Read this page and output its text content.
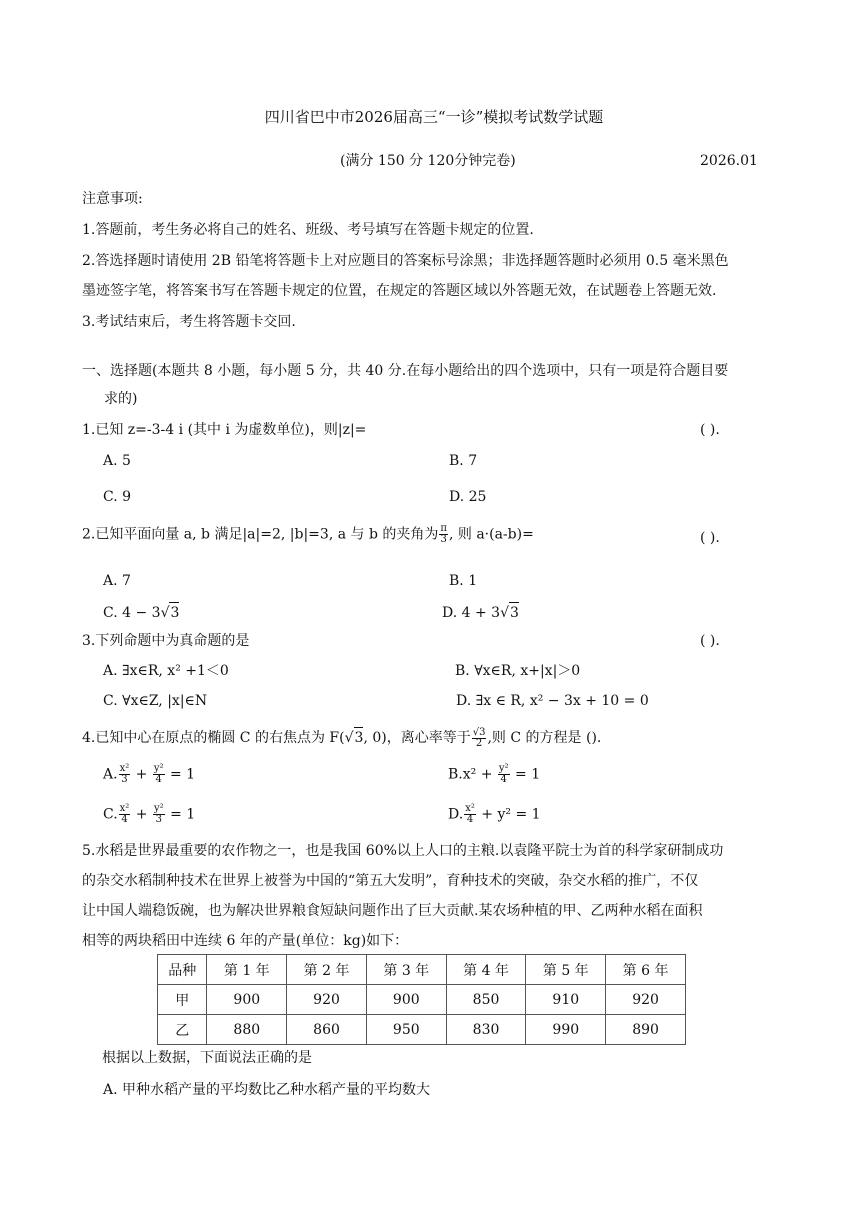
四川省巴中市2026届高三“一诊”模拟考试数学试题
(满分 150 分 120分钟完卷)	2026.01
注意事项:
1.答题前，考生务必将自己的姓名、班级、考号填写在答题卡规定的位置.
2.答选择题时请使用 2B 铅笔将答题卡上对应题目的答案标号涂黑；非选择题答题时必须用 0.5 毫米黑色
墨迹签字笔，将答案书写在答题卡规定的位置，在规定的答题区域以外答题无效，在试题卷上答题无效.
3.考试结束后，考生将答题卡交回.
一、选择题(本题共 8 小题，每小题 5 分，共 40 分.在每小题给出的四个选项中，只有一项是符合题目要
求的)
1.已知 z=-3-4 i (其中 i 为虚数单位)，则|z|=	( ).
A. 5	B. 7
C. 9	D. 25
2.已知平面向量 a, b 满足|a|=2, |b|=3, a 与 b 的夹角为 $\frac{\pi}{3}$ , 则 a·(a-b)=	( ).
A. 7	B. 1
C. 4 − 3√3	D. 4 + 3√3
3.下列命题中为真命题的是	( ).
A. ∃x∈R, x² +1＜0	B. ∀x∈R, x+|x|＞0
C. ∀x∈Z, |x|∈N	D. ∃x ∈ R, x² − 3x + 10 = 0
4.已知中心在原点的椭圆 C 的右焦点为 F(√3, 0)，离心率等于 $\frac{√3}{2}$ ,则 C 的方程是 ().
A. $\frac{\text{x²}}{3} + \frac{\text{y²}}{4} = 1$	$B.x^2 + \frac{\text{y²}}{4} = 1$
C. $\frac{\text{x²}}{4} + \frac{\text{y²}}{3} = 1$	D. $\frac{\text{x²}}{4} + y^2 = 1$
5.水稻是世界最重要的农作物之一，也是我国 60%以上人口的主粮.以袁隆平院士为首的科学家研制成功
的杂交水稻制种技术在世界上被誉为中国的“第五大发明”，育种技术的突破，杂交水稻的推广，不仅
让中国人端稳饭碗，也为解决世界粮食短缺问题作出了巨大贡献.某农场种植的甲、乙两种水稻在面积
相等的两块稻田中连续 6 年的产量(单位：kg)如下：
品种	第 1 年	第 2 年	第 3 年	第 4 年	第 5 年	第 6 年
甲	900	920	900	850	910	920
乙	880	860	950	830	990	890
根据以上数据，下面说法正确的是
A. 甲种水稻产量的平均数比乙种水稻产量的平均数大
